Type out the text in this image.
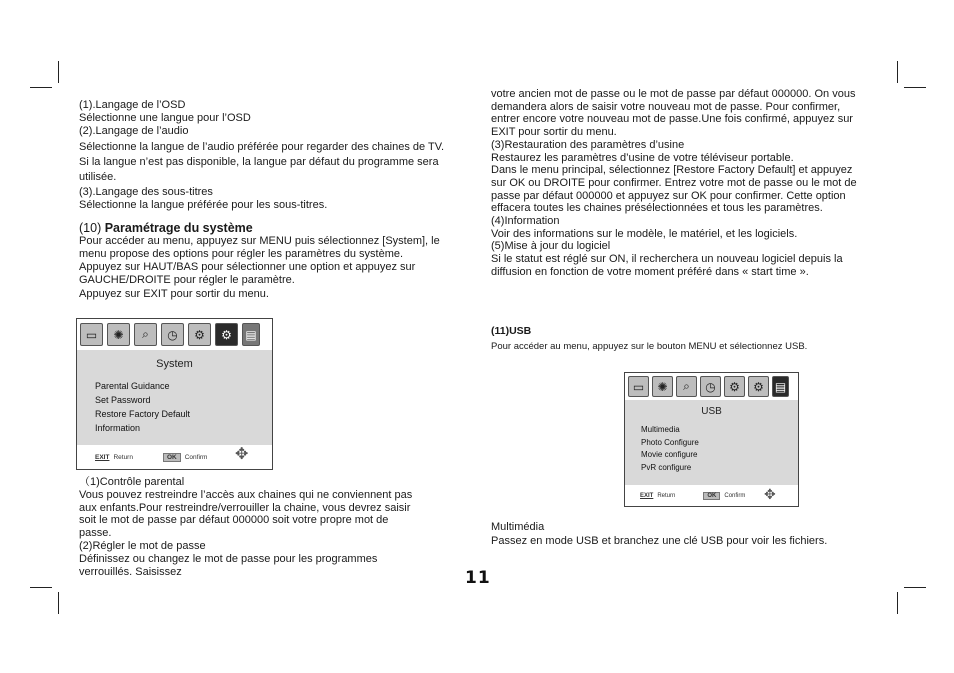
(1).Langage de l’OSD

Sélectionne une langue pour l’OSD

(2).Langage de l’audio

Sélectionne la langue de l’audio préférée pour regarder des chaines de TV.

Si la langue n’est pas disponible, la langue par défaut du programme sera

utilisée.

(3).Langage des sous-titres

Sélectionne la langue préférée pour les sous-titres.

(10) Paramétrage du système

Pour accéder au menu, appuyez sur MENU puis sélectionnez [System], le

menu propose des options pour régler les paramètres du système.

Appuyez sur HAUT/BAS pour sélectionner une option et appuyez sur

GAUCHE/DROITE pour régler le paramètre.

Appuyez sur EXIT pour sortir du menu.

▭	✺	⌕	◷	⚙	⚙	▤
System
Parental Guidance
Set Password
Restore Factory Default
Information
EXIT Return	OK	Confirm ✥

（1)Contrôle parental

Vous pouvez restreindre l’accès aux chaines qui ne conviennent pas

aux enfants.Pour restreindre/verrouiller la chaine, vous devrez saisir

soit le mot de passe par défaut 000000 soit votre propre mot de

passe.

(2)Régler le mot de passe

Définissez ou changez le mot de passe pour les programmes

verrouillés. Saisissez

votre ancien mot de passe ou le mot de passe par défaut 000000. On vous

demandera alors de saisir votre nouveau mot de passe. Pour confirmer,

entrer encore votre nouveau mot de passe.Une fois confirmé, appuyez sur

EXIT pour sortir du menu.

(3)Restauration des paramètres d’usine

Restaurez les paramètres d’usine de votre téléviseur portable.

Dans le menu principal, sélectionnez [Restore Factory Default] et appuyez

sur OK ou DROITE pour confirmer. Entrez votre mot de passe ou le mot de

passe par défaut 000000 et appuyez sur OK pour confirmer. Cette option

effacera toutes les chaines présélectionnées et tous les paramètres.

(4)Information

Voir des informations sur le modèle, le matériel, et les logiciels.

(5)Mise à jour du logiciel

Si le statut est réglé sur ON, il recherchera un nouveau logiciel depuis la

diffusion en fonction de votre moment préféré dans « start time ».

(11)USB

Pour accéder au menu, appuyez sur le bouton MENU et sélectionnez USB.

▭	✺	⌕	◷	⚙	⚙ ▤
USB
Multimedia
Photo Configure
Movie configure
PvR configure
EXIT Return	OK	Confirm ✥

Multimédia

Passez en mode USB et branchez une clé USB pour voir les fichiers.

11
